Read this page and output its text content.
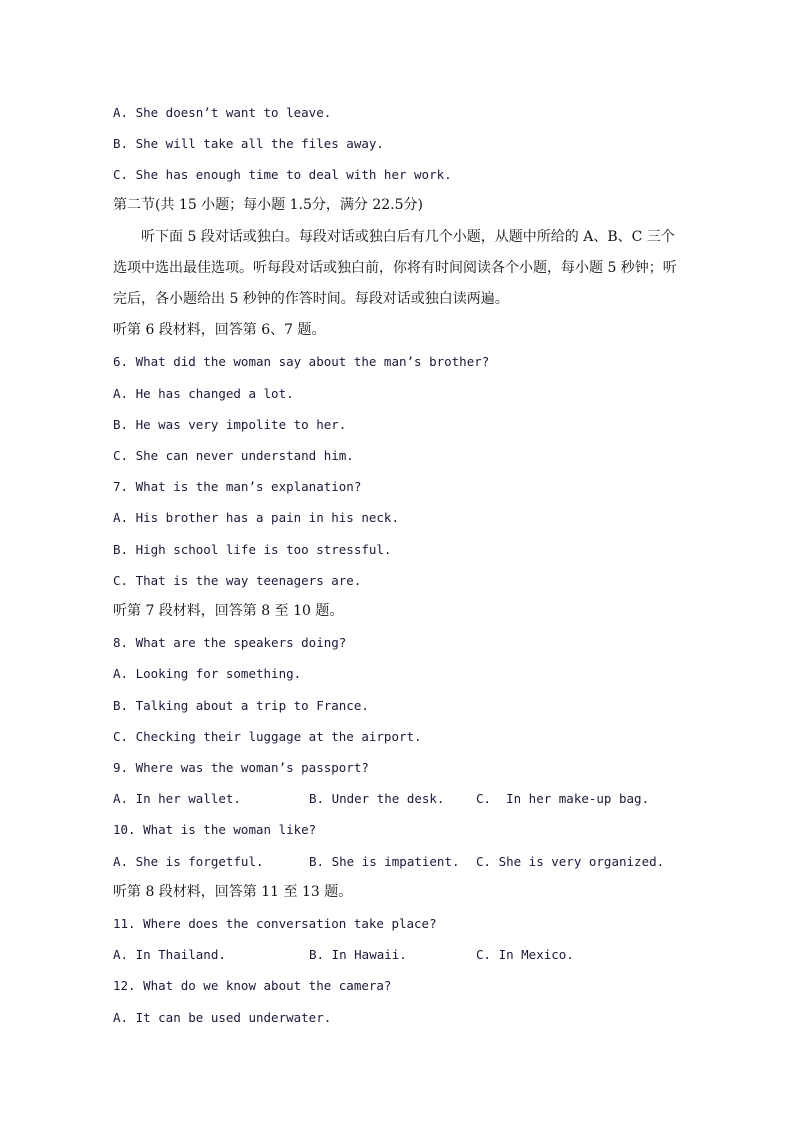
A. She doesn’t want to leave.
B. She will take all the files away.
C. She has enough time to deal with her work.
第二节(共 15 小题；每小题 1.5分，满分 22.5分)
听下面 5 段对话或独白。每段对话或独白后有几个小题，从题中所给的 A、B、C 三个选项中选出最佳选项。听每段对话或独白前，你将有时间阅读各个小题，每小题 5 秒钟；听完后，各小题给出 5 秒钟的作答时间。每段对话或独白读两遍。
听第 6 段材料，回答第 6、7 题。
6. What did the woman say about the man’s brother?
A. He has changed a lot.
B. He was very impolite to her.
C. She can never understand him.
7. What is the man’s explanation?
A. His brother has a pain in his neck.
B. High school life is too stressful.
C. That is the way teenagers are.
听第 7 段材料，回答第 8 至 10 题。
8. What are the speakers doing?
A. Looking for something.
B. Talking about a trip to France.
C. Checking their luggage at the airport.
9. Where was the woman’s passport?
A. In her wallet.	B. Under the desk.	C.  In her make-up bag.
10. What is the woman like?
A. She is forgetful.	B. She is impatient. C. She is very organized.
听第 8 段材料，回答第 11 至 13 题。
11. Where does the conversation take place?
A. In Thailand.	B. In Hawaii.	C. In Mexico.
12. What do we know about the camera?
A. It can be used underwater.
